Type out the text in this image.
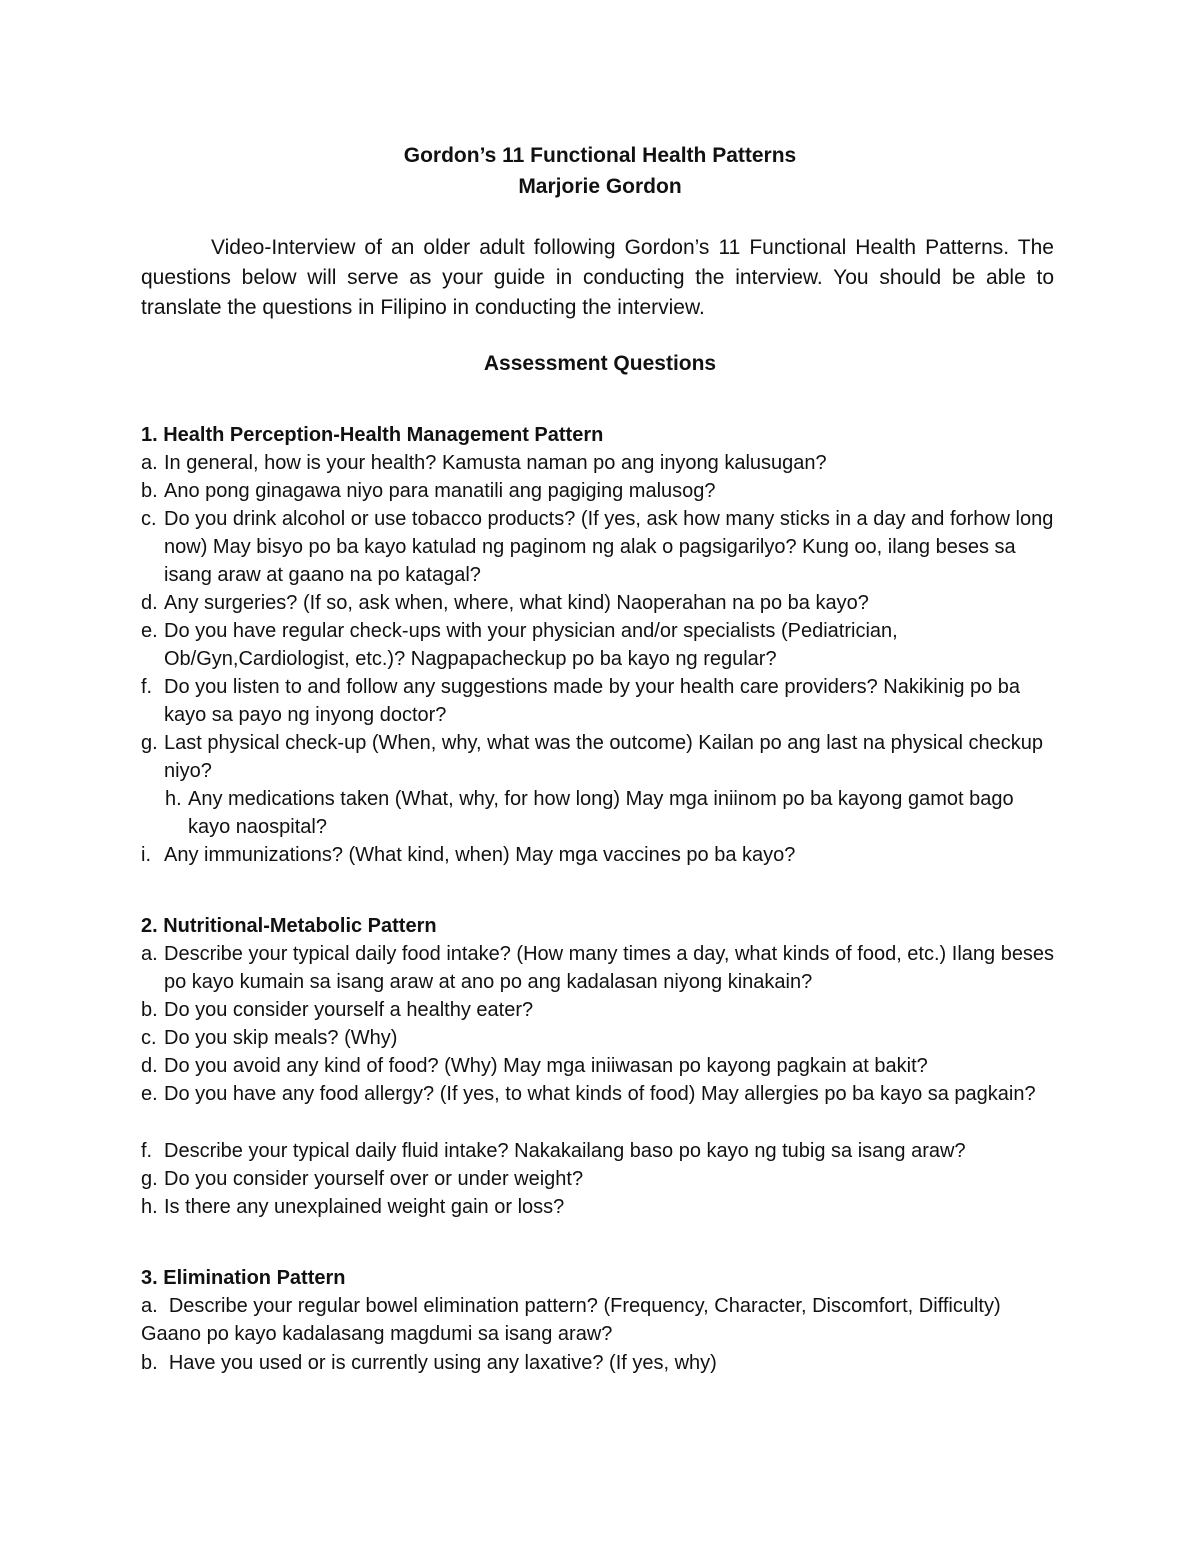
Gordon’s 11 Functional Health Patterns
Marjorie Gordon
Video-Interview of an older adult following Gordon’s 11 Functional Health Patterns. The questions below will serve as your guide in conducting the interview. You should be able to translate the questions in Filipino in conducting the interview.
Assessment Questions
1. Health Perception-Health Management Pattern
a. In general, how is your health? Kamusta naman po ang inyong kalusugan?
b. Ano pong ginagawa niyo para manatili ang pagiging malusog?
c. Do you drink alcohol or use tobacco products? (If yes, ask how many sticks in a day and forhow long now) May bisyo po ba kayo katulad ng paginom ng alak o pagsigarilyo? Kung oo, ilang beses sa isang araw at gaano na po katagal?
d. Any surgeries? (If so, ask when, where, what kind) Naoperahan na po ba kayo?
e. Do you have regular check-ups with your physician and/or specialists (Pediatrician, Ob/Gyn,Cardiologist, etc.)? Nagpapacheckup po ba kayo ng regular?
f. Do you listen to and follow any suggestions made by your health care providers? Nakikinig po ba kayo sa payo ng inyong doctor?
g. Last physical check-up (When, why, what was the outcome) Kailan po ang last na physical checkup niyo?
h. Any medications taken (What, why, for how long) May mga iniinom po ba kayong gamot bago kayo naospital?
i. Any immunizations? (What kind, when) May mga vaccines po ba kayo?
2. Nutritional-Metabolic Pattern
a. Describe your typical daily food intake? (How many times a day, what kinds of food, etc.) Ilang beses po kayo kumain sa isang araw at ano po ang kadalasan niyong kinakain?
b. Do you consider yourself a healthy eater?
c. Do you skip meals? (Why)
d. Do you avoid any kind of food? (Why) May mga iniiwasan po kayong pagkain at bakit?
e. Do you have any food allergy? (If yes, to what kinds of food) May allergies po ba kayo sa pagkain?
f. Describe your typical daily fluid intake? Nakakailang baso po kayo ng tubig sa isang araw?
g. Do you consider yourself over or under weight?
h. Is there any unexplained weight gain or loss?
3. Elimination Pattern
a. Describe your regular bowel elimination pattern? (Frequency, Character, Discomfort, Difficulty) Gaano po kayo kadalasang magdumi sa isang araw?
b. Have you used or is currently using any laxative? (If yes, why)
